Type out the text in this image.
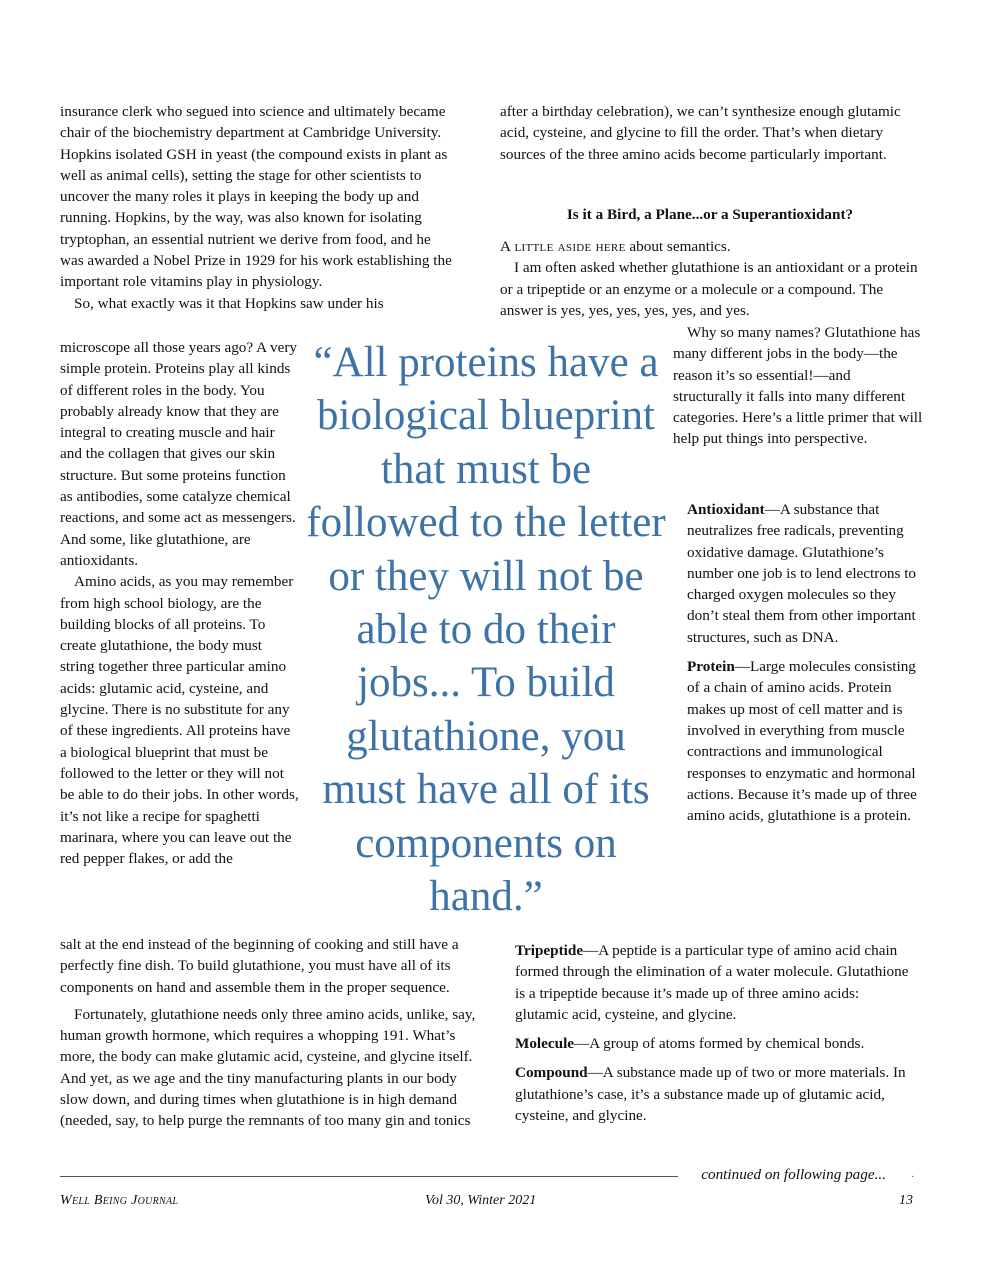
insurance clerk who segued into science and ultimately became chair of the biochemistry department at Cambridge University. Hopkins isolated GSH in yeast (the compound exists in plant as well as animal cells), setting the stage for other scientists to uncover the many roles it plays in keeping the body up and running. Hopkins, by the way, was also known for isolating tryptophan, an essential nutrient we derive from food, and he was awarded a Nobel Prize in 1929 for his work establishing the important role vitamins play in physiology.

So, what exactly was it that Hopkins saw under his

microscope all those years ago? A very simple protein. Proteins play all kinds of different roles in the body. You probably already know that they are integral to creating muscle and hair and the collagen that gives our skin structure. But some proteins function as antibodies, some catalyze chemical reactions, and some act as messengers. And some, like glutathione, are antioxidants.

Amino acids, as you may remember from high school biology, are the building blocks of all proteins. To create glutathione, the body must string together three particular amino acids: glutamic acid, cysteine, and glycine. There is no substitute for any of these ingredients. All proteins have a biological blueprint that must be followed to the letter or they will not be able to do their jobs. In other words, it’s not like a recipe for spaghetti marinara, where you can leave out the red pepper flakes, or add the

salt at the end instead of the beginning of cooking and still have a perfectly fine dish. To build glutathione, you must have all of its components on hand and assemble them in the proper sequence.

Fortunately, glutathione needs only three amino acids, unlike, say, human growth hormone, which requires a whopping 191. What’s more, the body can make glutamic acid, cysteine, and glycine itself. And yet, as we age and the tiny manufacturing plants in our body slow down, and during times when glutathione is in high demand (needed, say, to help purge the remnants of too many gin and tonics

“All proteins have a biological blueprint that must be followed to the letter or they will not be able to do their jobs... To build glutathione, you must have all of its components on hand.”

after a birthday celebration), we can’t synthesize enough glutamic acid, cysteine, and glycine to fill the order. That’s when dietary sources of the three amino acids become particularly important.

Is it a Bird, a Plane...or a Superantioxidant?

A little aside here about semantics.

I am often asked whether glutathione is an antioxidant or a protein or a tripeptide or an enzyme or a molecule or a compound. The answer is yes, yes, yes, yes, yes, and yes.

Why so many names? Glutathione has many different jobs in the body—the reason it’s so essential!—and structurally it falls into many different categories. Here’s a little primer that will help put things into perspective.

Antioxidant—A substance that neutralizes free radicals, preventing oxidative damage. Glutathione’s number one job is to lend electrons to charged oxygen molecules so they don’t steal them from other important structures, such as DNA.

Protein—Large molecules consisting of a chain of amino acids. Protein makes up most of cell matter and is involved in everything from muscle contractions and immunological responses to enzymatic and hormonal actions. Because it’s made up of three amino acids, glutathione is a protein.

Tripeptide—A peptide is a particular type of amino acid chain formed through the elimination of a water molecule. Glutathione is a tripeptide because it’s made up of three amino acids: glutamic acid, cysteine, and glycine.

Molecule—A group of atoms formed by chemical bonds.

Compound—A substance made up of two or more materials. In glutathione’s case, it’s a substance made up of glutamic acid, cysteine, and glycine.

continued on following page...	·
Well Being Journal	Vol 30, Winter 2021	13
